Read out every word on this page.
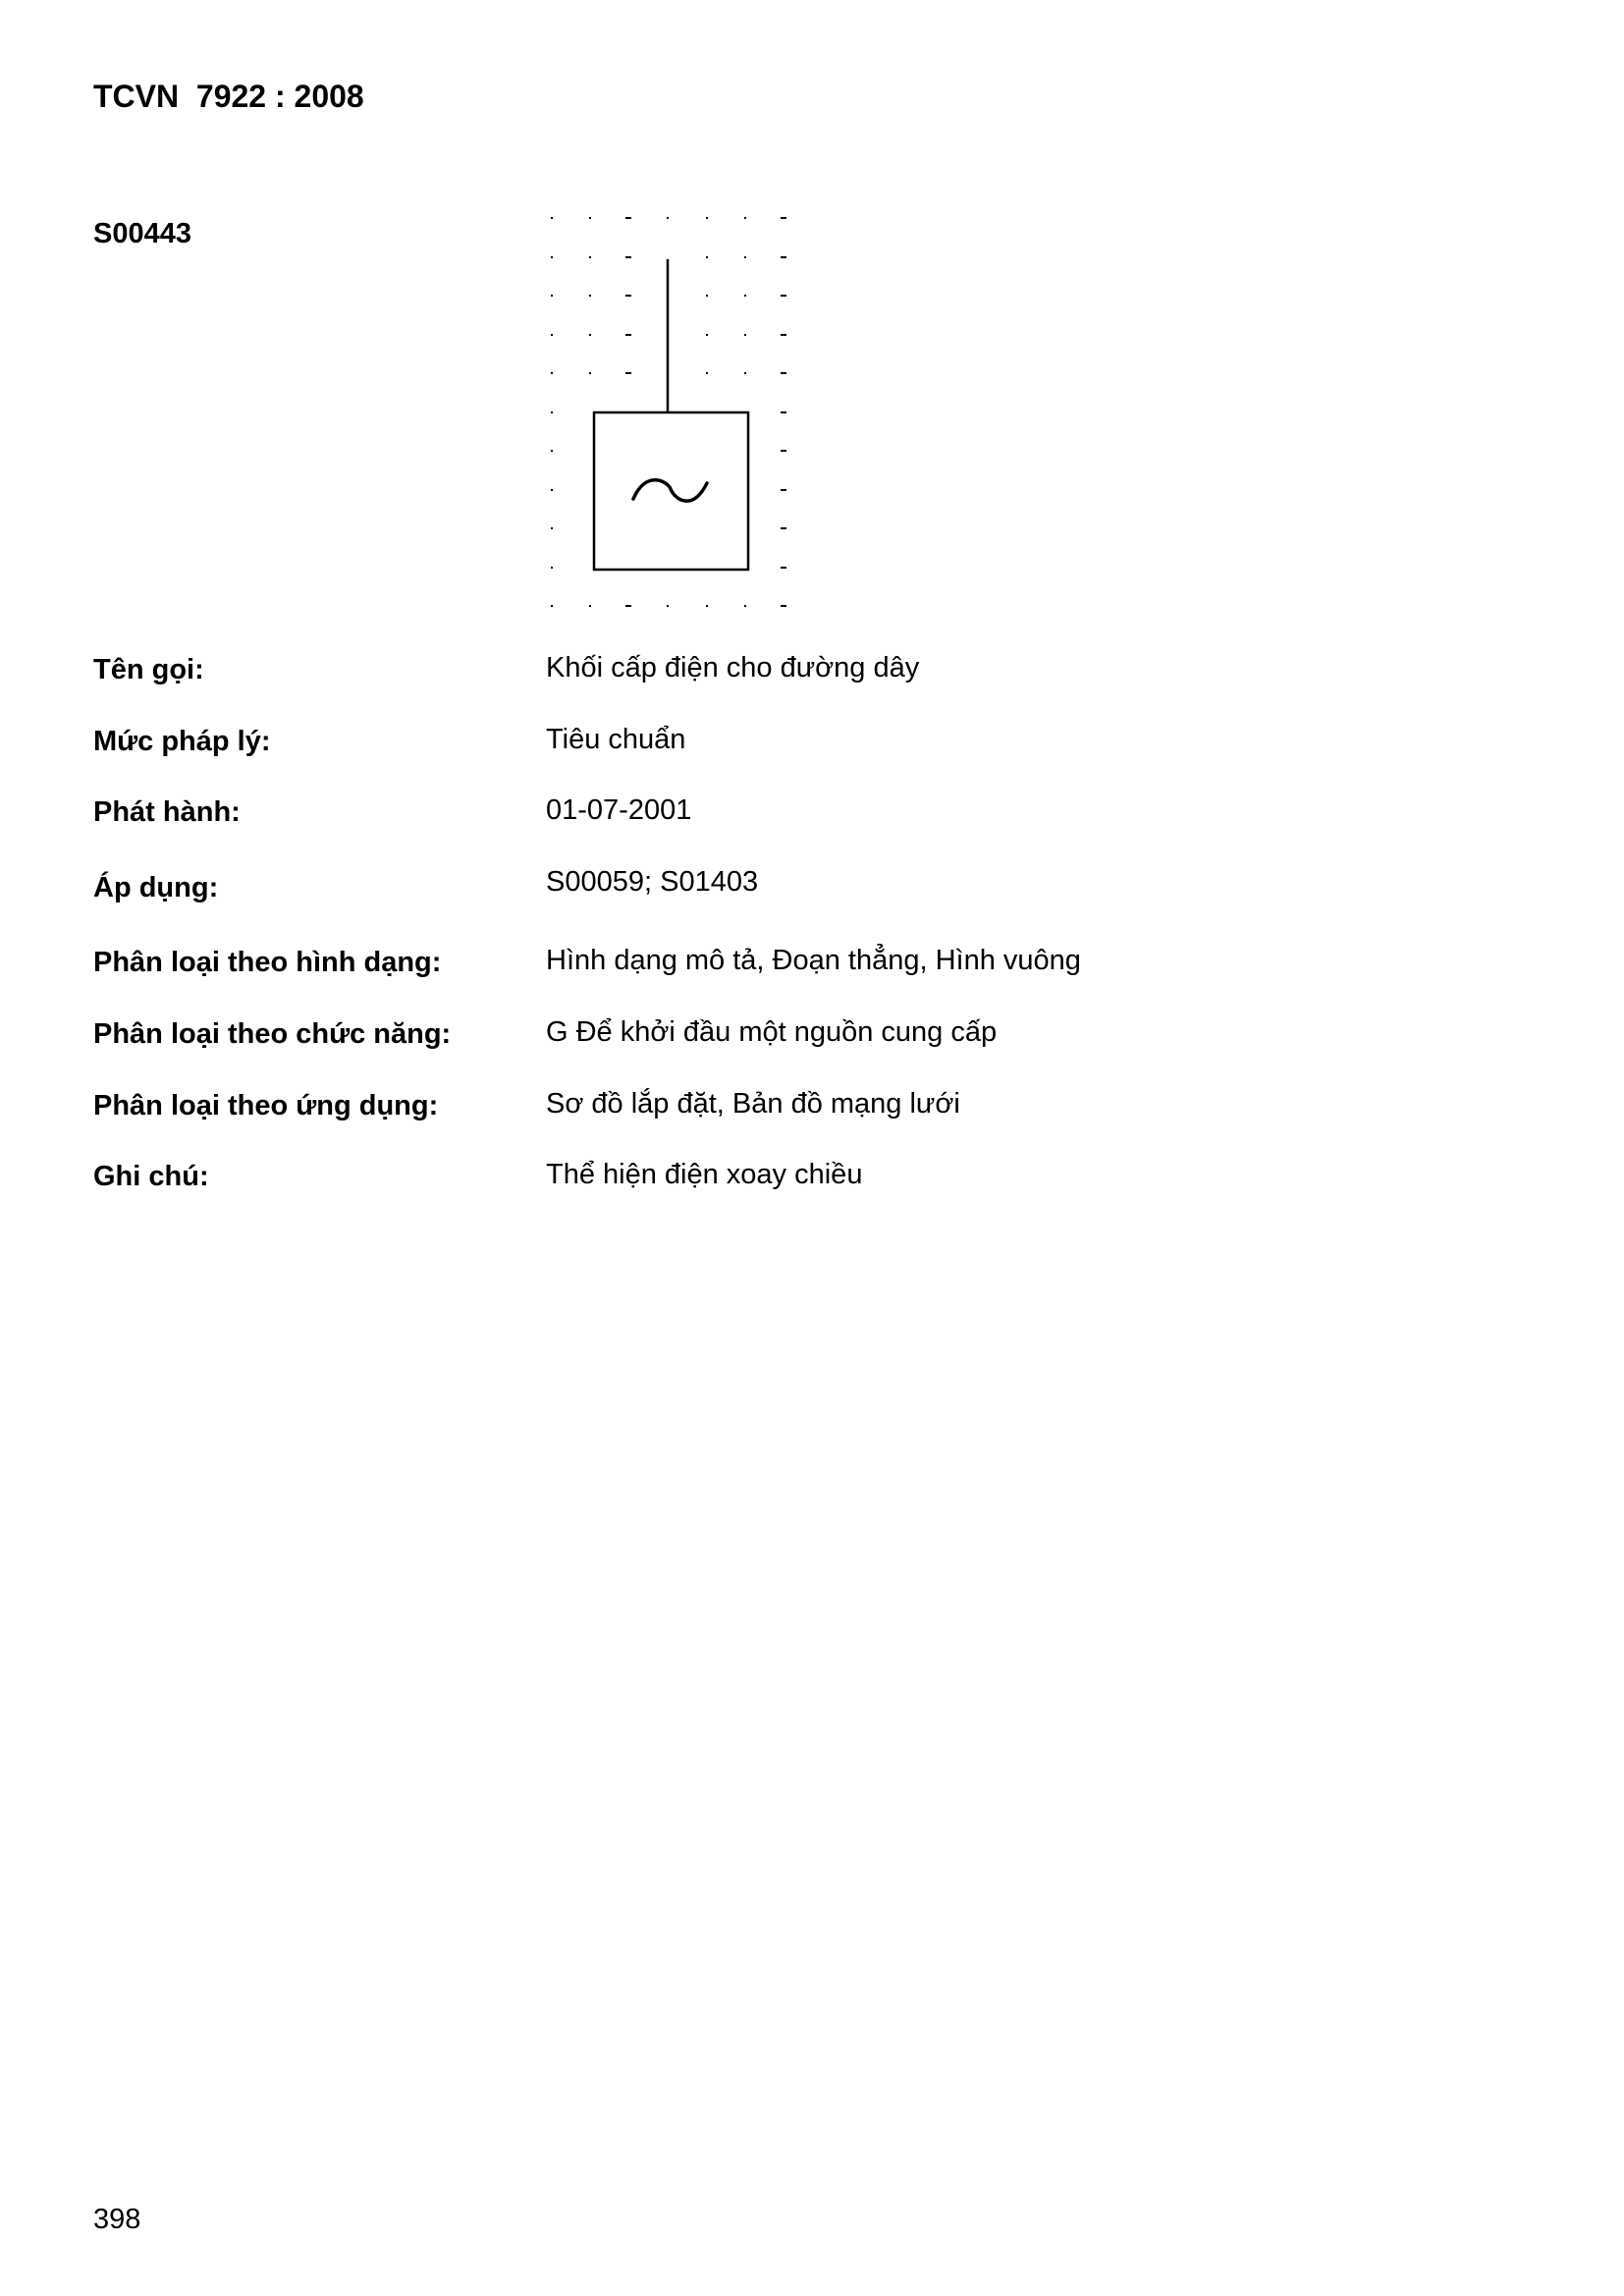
TCVN  7922 : 2008
S00443
Tên gọi:	Khối cấp điện cho đường dây
Mức pháp lý:	Tiêu chuẩn
Phát hành:	01-07-2001
Áp dụng:	S00059; S01403
Phân loại theo hình dạng:	Hình dạng mô tả, Đoạn thẳng, Hình vuông
Phân loại theo chức năng:	G Để khởi đầu một nguồn cung cấp
Phân loại theo ứng dụng:	Sơ đồ lắp đặt, Bản đồ mạng lưới
Ghi chú:	Thể hiện điện xoay chiều
398
